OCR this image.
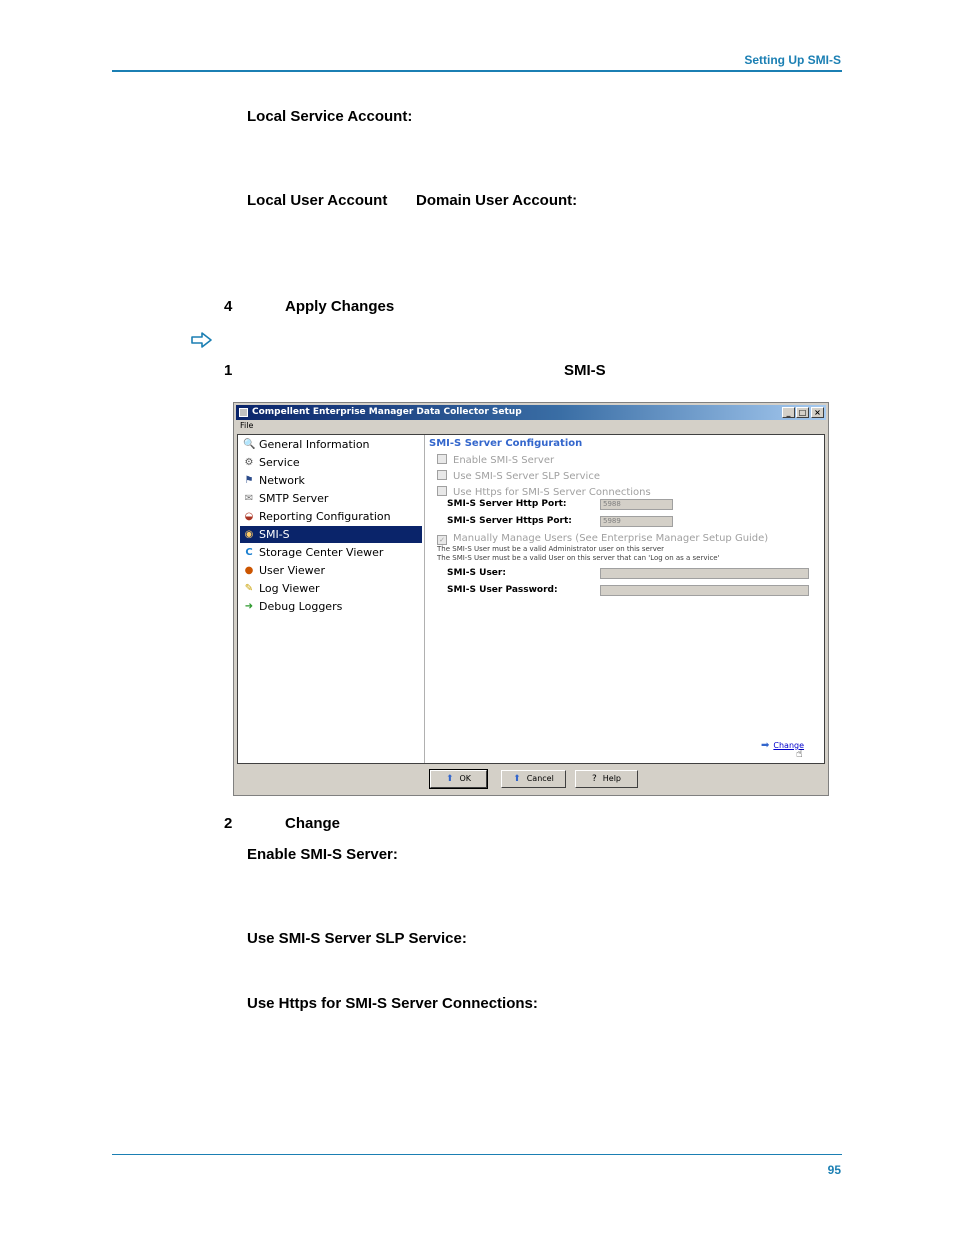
Setting Up SMI-S
Local Service Account:
Local User Account Domain User Account:
4	Apply Changes
1	SMI-S
Compellent Enterprise Manager Data Collector Setup	_	□ ×
File
🔍 General Information
⚙ Service
⚑ Network
✉ SMTP Server
◒ Reporting Configuration
◉ SMI-S
C Storage Center Viewer
● User Viewer
✎ Log Viewer
➜ Debug Loggers
SMI-S Server Configuration
Enable SMI-S Server
Use SMI-S Server SLP Service
Use Https for SMI-S Server Connections
SMI-S Server Http Port:	5988
SMI-S Server Https Port:	5989
✓ Manually Manage Users (See Enterprise Manager Setup Guide)
The SMI-S User must be a valid Administrator user on this server
The SMI-S User must be a valid User on this server that can 'Log on as a service'
SMI-S User:
SMI-S User Password:
➡ Change
☝
⬆ OK	⬆ Cancel	? Help
2	Change
Enable SMI-S Server:
Use SMI-S Server SLP Service:
Use Https for SMI-S Server Connections:
95
